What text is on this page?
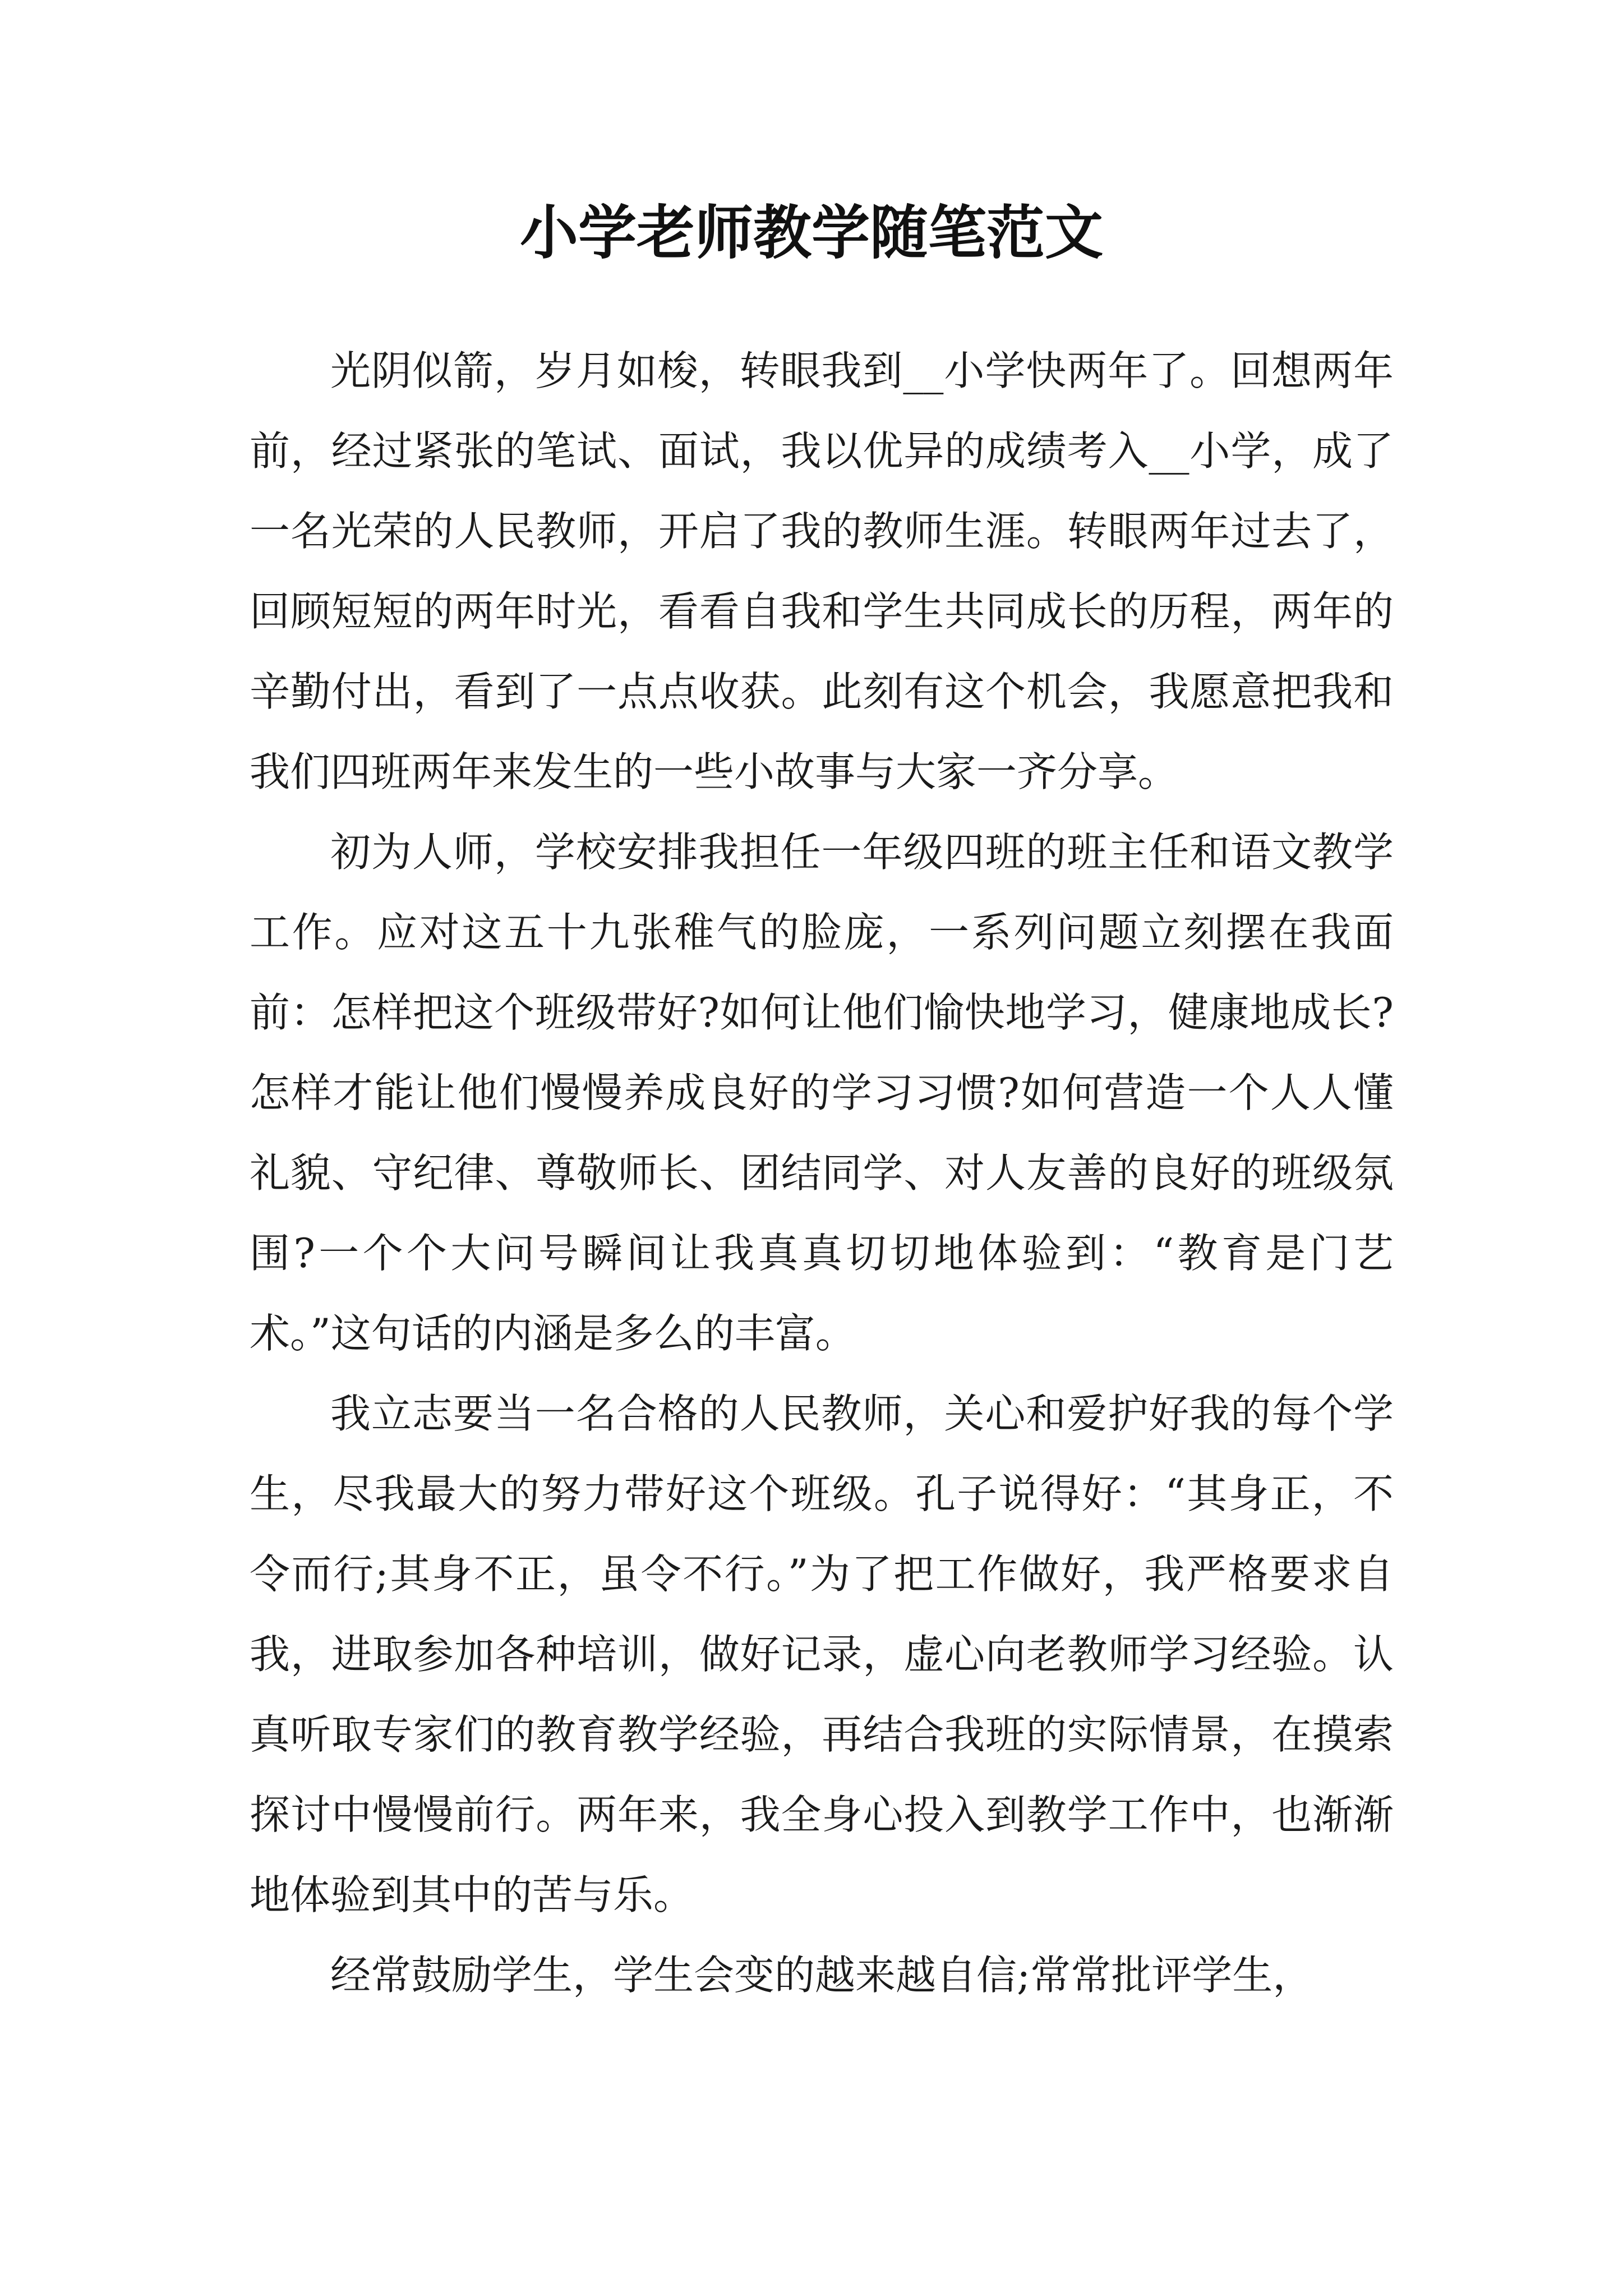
小学老师教学随笔范文

光阴似箭，岁月如梭，转眼我到__小学快两年了。回想两年前，经过紧张的笔试、面试，我以优异的成绩考入__小学，成了一名光荣的人民教师，开启了我的教师生涯。转眼两年过去了，回顾短短的两年时光，看看自我和学生共同成长的历程，两年的辛勤付出，看到了一点点收获。此刻有这个机会，我愿意把我和我们四班两年来发生的一些小故事与大家一齐分享。

初为人师，学校安排我担任一年级四班的班主任和语文教学工作。应对这五十九张稚气的脸庞，一系列问题立刻摆在我面前：怎样把这个班级带好?如何让他们愉快地学习，健康地成长?怎样才能让他们慢慢养成良好的学习习惯?如何营造一个人人懂礼貌、守纪律、尊敬师长、团结同学、对人友善的良好的班级氛围?一个个大问号瞬间让我真真切切地体验到：“教育是门艺术。”这句话的内涵是多么的丰富。

我立志要当一名合格的人民教师，关心和爱护好我的每个学生，尽我最大的努力带好这个班级。孔子说得好：“其身正，不令而行;其身不正，虽令不行。”为了把工作做好，我严格要求自我，进取参加各种培训，做好记录，虚心向老教师学习经验。认真听取专家们的教育教学经验，再结合我班的实际情景，在摸索探讨中慢慢前行。两年来，我全身心投入到教学工作中，也渐渐地体验到其中的苦与乐。

经常鼓励学生，学生会变的越来越自信;常常批评学生，
